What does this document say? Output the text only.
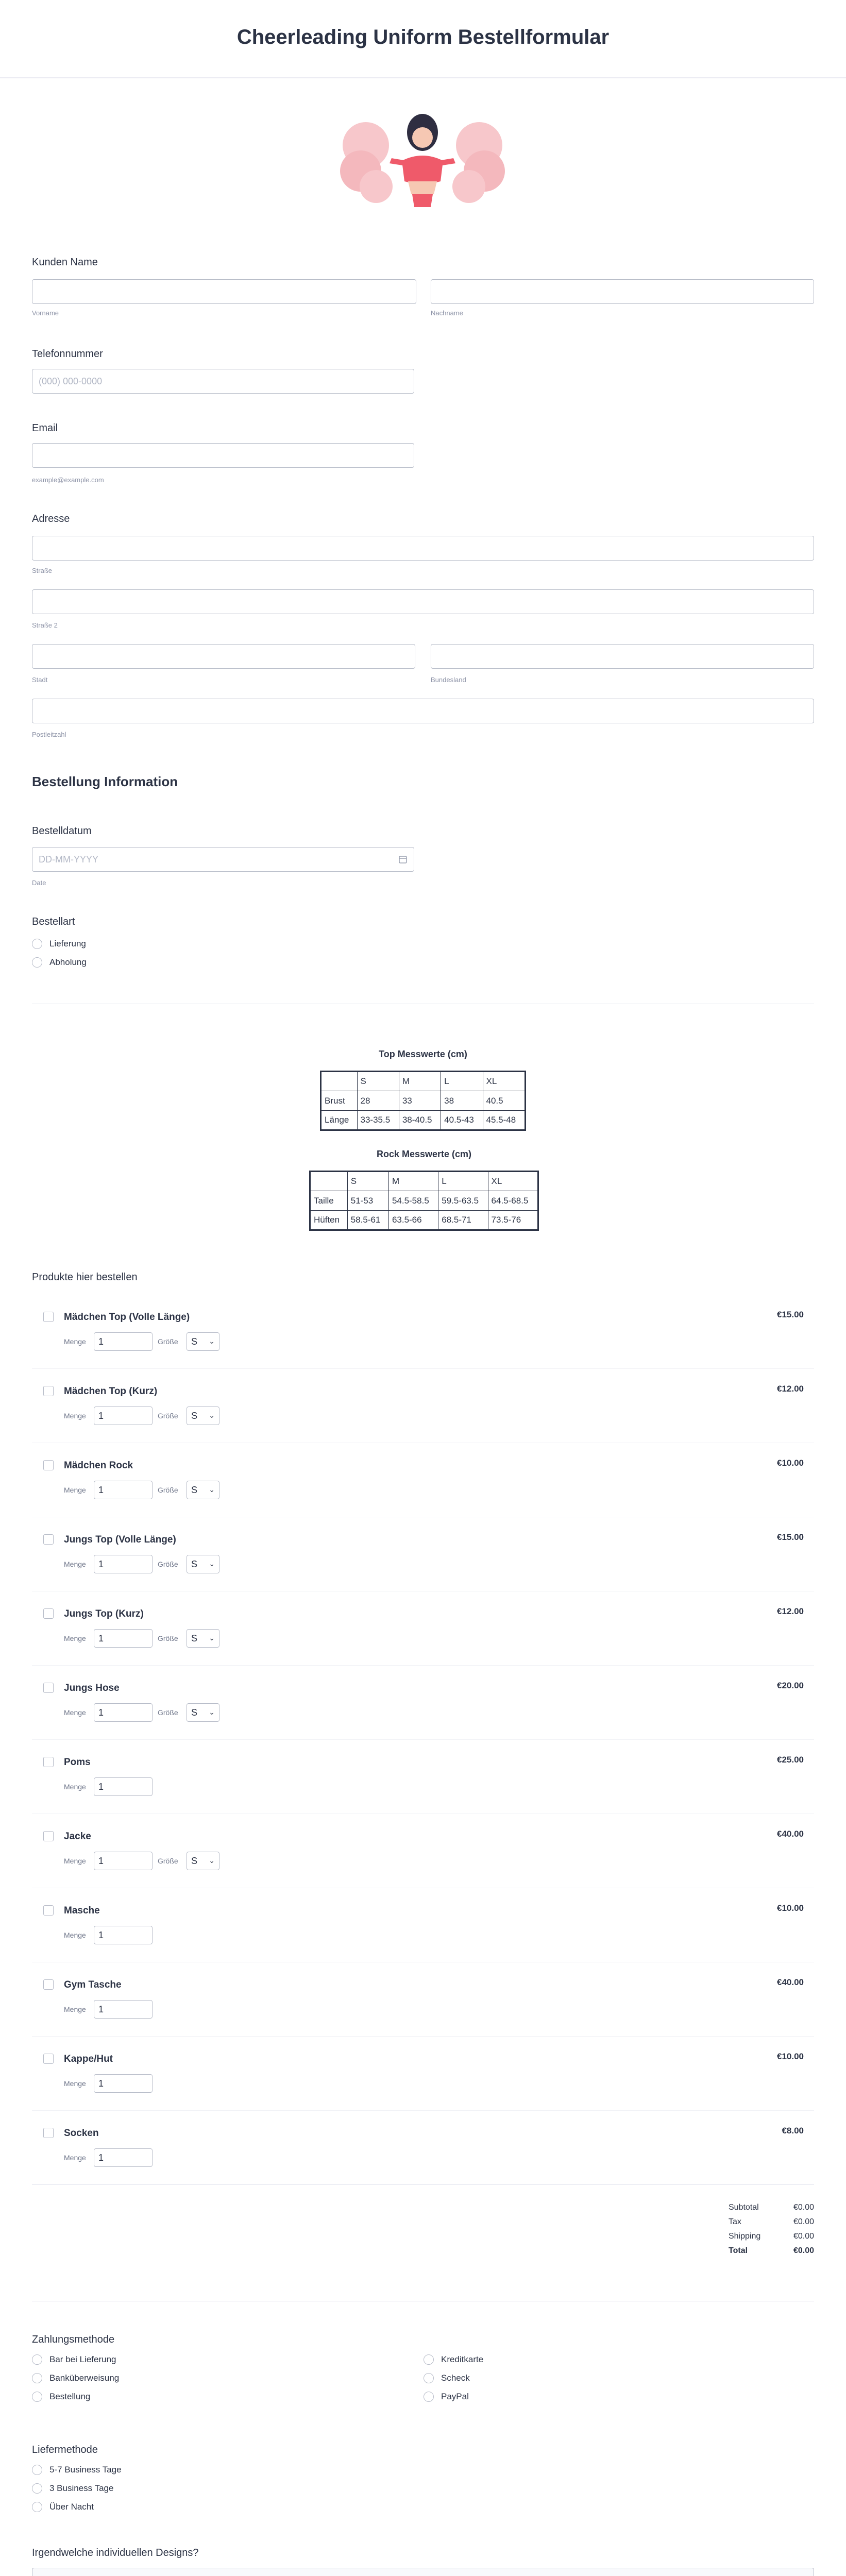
Cheerleading Uniform Bestellformular
Kunden Name
Vorname	Nachname
Telefonnummer
(000) 000-0000
Email
example@example.com
Adresse
Straße
Straße 2
Stadt	Bundesland
Postleitzahl
Bestellung Information
Bestelldatum
DD-MM-YYYY
Date
Bestellart
Lieferung
Abholung
Top Messwerte (cm)
	S	M	L	XL
Brust	28	33	38	40.5
Länge	33-35.5	38-40.5	40.5-43	45.5-48
Rock Messwerte (cm)
	S	M	L	XL
Taille	51-53	54.5-58.5	59.5-63.5	64.5-68.5
Hüften	58.5-61	63.5-66	68.5-71	73.5-76
Produkte hier bestellen
Mädchen Top (Volle Länge)	€15.00
Menge	1	Größe	S ⌄
Mädchen Top (Kurz)	€12.00
Menge	1	Größe	S ⌄
Mädchen Rock	€10.00
Menge	1	Größe	S ⌄
Jungs Top (Volle Länge)	€15.00
Menge	1	Größe	S ⌄
Jungs Top (Kurz)	€12.00
Menge	1	Größe	S ⌄
Jungs Hose	€20.00
Menge	1	Größe	S ⌄
Poms	€25.00
Menge	1
Jacke	€40.00
Menge	1	Größe	S ⌄
Masche	€10.00
Menge	1
Gym Tasche	€40.00
Menge	1
Kappe/Hut	€10.00
Menge	1
Socken	€8.00
Menge	1
Subtotal	€0.00
Tax	€0.00
Shipping	€0.00
Total	€0.00
Zahlungsmethode
Bar bei Lieferung
Banküberweisung
Bestellung
Kreditkarte
Scheck
PayPal
Liefermethode
5-7 Business Tage
3 Business Tage
Über Nacht
Irgendwelche individuellen Designs?
